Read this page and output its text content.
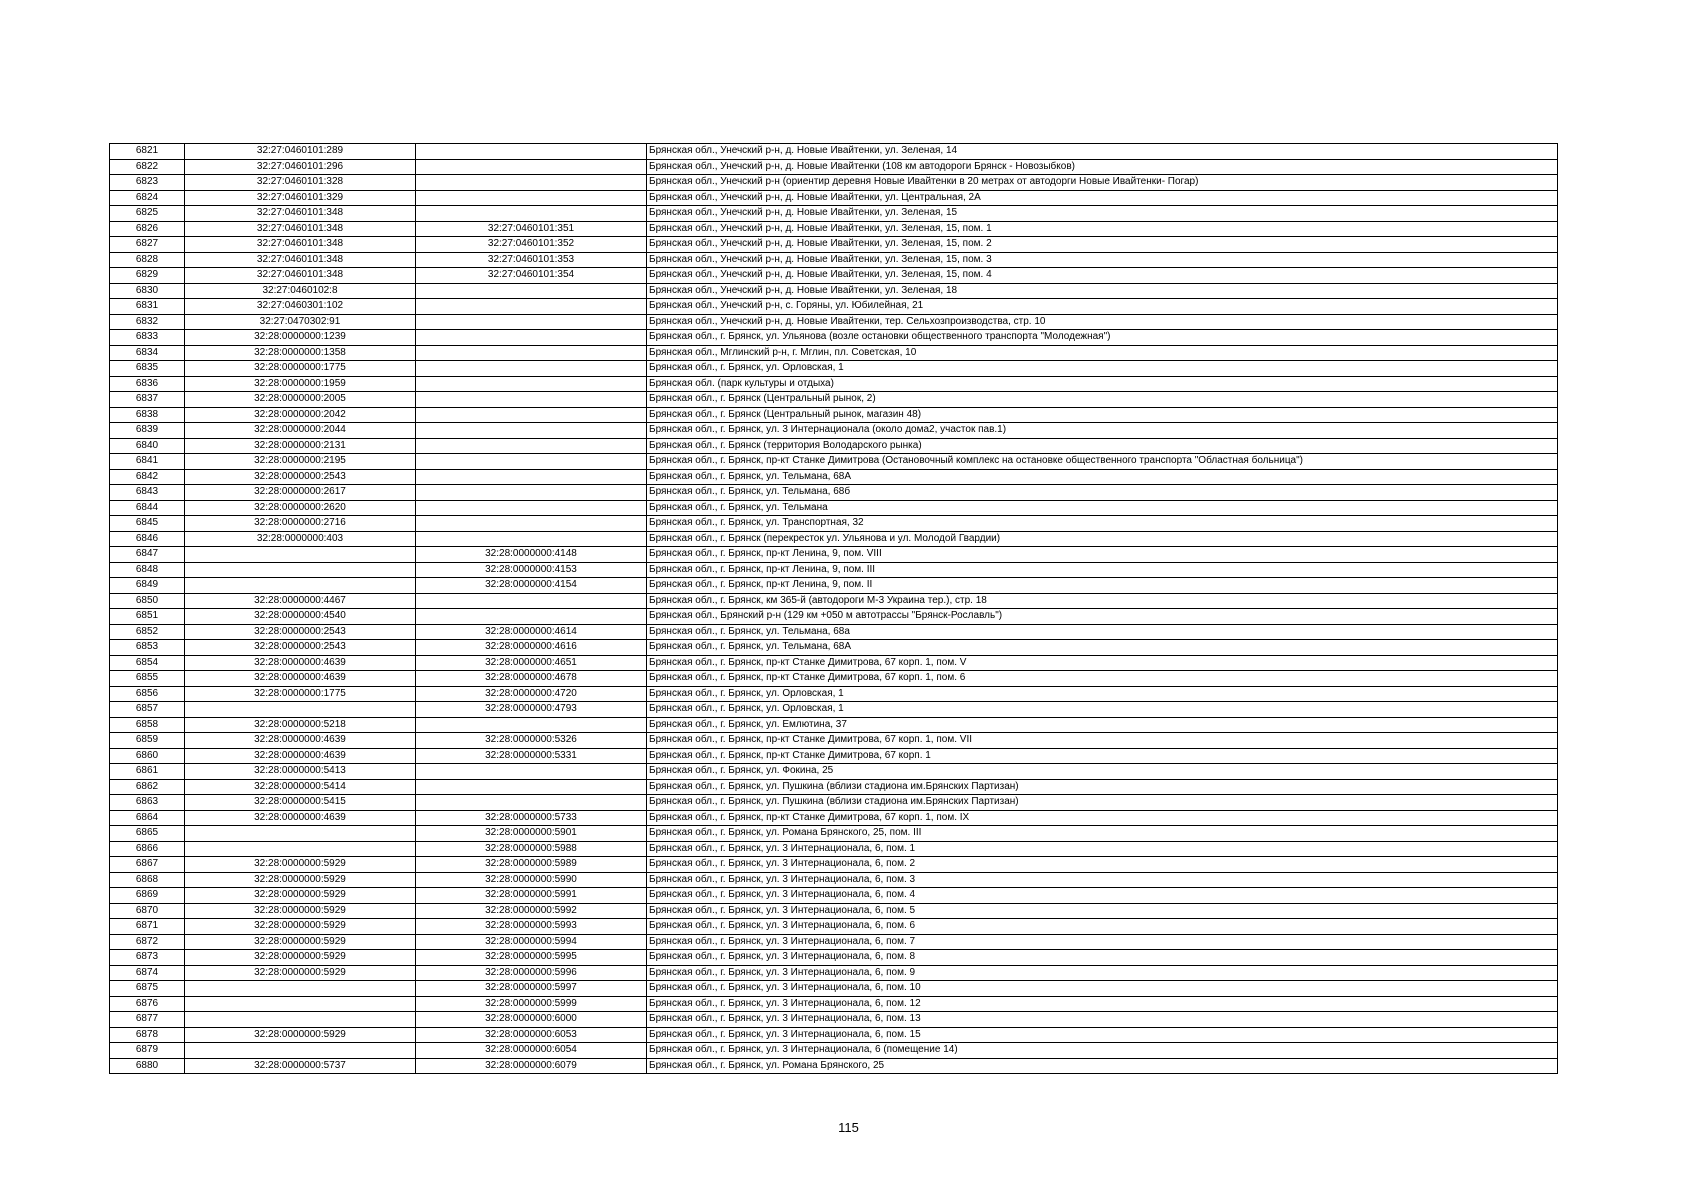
6821	32:27:0460101:289		Брянская обл., Унечский р-н, д. Новые Ивайтенки, ул. Зеленая, 14
6822	32:27:0460101:296		Брянская обл., Унечский р-н, д. Новые Ивайтенки (108 км автодороги Брянск - Новозыбков)
6823	32:27:0460101:328		Брянская обл., Унечский р-н (ориентир деревня Новые Ивайтенки в 20 метрах от автодорги Новые Ивайтенки- Погар)
6824	32:27:0460101:329		Брянская обл., Унечский р-н, д. Новые Ивайтенки, ул. Центральная, 2А
6825	32:27:0460101:348		Брянская обл., Унечский р-н, д. Новые Ивайтенки, ул. Зеленая, 15
6826	32:27:0460101:348	32:27:0460101:351	Брянская обл., Унечский р-н, д. Новые Ивайтенки, ул. Зеленая, 15, пом. 1
6827	32:27:0460101:348	32:27:0460101:352	Брянская обл., Унечский р-н, д. Новые Ивайтенки, ул. Зеленая, 15, пом. 2
6828	32:27:0460101:348	32:27:0460101:353	Брянская обл., Унечский р-н, д. Новые Ивайтенки, ул. Зеленая, 15, пом. 3
6829	32:27:0460101:348	32:27:0460101:354	Брянская обл., Унечский р-н, д. Новые Ивайтенки, ул. Зеленая, 15, пом. 4
6830	32:27:0460102:8		Брянская обл., Унечский р-н, д. Новые Ивайтенки, ул. Зеленая, 18
6831	32:27:0460301:102		Брянская обл., Унечский р-н, с. Горяны, ул. Юбилейная, 21
6832	32:27:0470302:91		Брянская обл., Унечский р-н, д. Новые Ивайтенки, тер. Сельхозпроизводства, стр. 10
6833	32:28:0000000:1239		Брянская обл., г. Брянск, ул. Ульянова (возле остановки общественного транспорта "Молодежная")
6834	32:28:0000000:1358		Брянская обл., Мглинский р-н, г. Мглин, пл. Советская, 10
6835	32:28:0000000:1775		Брянская обл., г. Брянск, ул. Орловская, 1
6836	32:28:0000000:1959		Брянская обл. (парк культуры и отдыха)
6837	32:28:0000000:2005		Брянская обл., г. Брянск (Центральный рынок, 2)
6838	32:28:0000000:2042		Брянская обл., г. Брянск (Центральный рынок, магазин 48)
6839	32:28:0000000:2044		Брянская обл., г. Брянск, ул. 3 Интернационала (около дома2, участок пав.1)
6840	32:28:0000000:2131		Брянская обл., г. Брянск (территория Володарского рынка)
6841	32:28:0000000:2195		Брянская обл., г. Брянск, пр-кт Станке Димитрова (Остановочный комплекс на остановке общественного транспорта "Областная больница")
6842	32:28:0000000:2543		Брянская обл., г. Брянск, ул. Тельмана, 68А
6843	32:28:0000000:2617		Брянская обл., г. Брянск, ул. Тельмана, 68б
6844	32:28:0000000:2620		Брянская обл., г. Брянск, ул. Тельмана
6845	32:28:0000000:2716		Брянская обл., г. Брянск, ул. Транспортная, 32
6846	32:28:0000000:403		Брянская обл., г. Брянск (перекресток ул. Ульянова и ул. Молодой Гвардии)
6847		32:28:0000000:4148	Брянская обл., г. Брянск, пр-кт Ленина, 9, пом. VIII
6848		32:28:0000000:4153	Брянская обл., г. Брянск, пр-кт Ленина, 9, пом. III
6849		32:28:0000000:4154	Брянская обл., г. Брянск, пр-кт Ленина, 9, пом. II
6850	32:28:0000000:4467		Брянская обл., г. Брянск, км 365-й (автодороги М-3 Украина тер.), стр. 18
6851	32:28:0000000:4540		Брянская обл., Брянский р-н (129 км +050 м автотрассы "Брянск-Рославль")
6852	32:28:0000000:2543	32:28:0000000:4614	Брянская обл., г. Брянск, ул. Тельмана, 68а
6853	32:28:0000000:2543	32:28:0000000:4616	Брянская обл., г. Брянск, ул. Тельмана, 68А
6854	32:28:0000000:4639	32:28:0000000:4651	Брянская обл., г. Брянск, пр-кт Станке Димитрова, 67 корп. 1, пом. V
6855	32:28:0000000:4639	32:28:0000000:4678	Брянская обл., г. Брянск, пр-кт Станке Димитрова, 67 корп. 1, пом. 6
6856	32:28:0000000:1775	32:28:0000000:4720	Брянская обл., г. Брянск, ул. Орловская, 1
6857		32:28:0000000:4793	Брянская обл., г. Брянск, ул. Орловская, 1
6858	32:28:0000000:5218		Брянская обл., г. Брянск, ул. Емлютина, 37
6859	32:28:0000000:4639	32:28:0000000:5326	Брянская обл., г. Брянск, пр-кт Станке Димитрова, 67 корп. 1, пом. VII
6860	32:28:0000000:4639	32:28:0000000:5331	Брянская обл., г. Брянск, пр-кт Станке Димитрова, 67 корп. 1
6861	32:28:0000000:5413		Брянская обл., г. Брянск, ул. Фокина, 25
6862	32:28:0000000:5414		Брянская обл., г. Брянск, ул. Пушкина (вблизи стадиона им.Брянских Партизан)
6863	32:28:0000000:5415		Брянская обл., г. Брянск, ул. Пушкина (вблизи стадиона им.Брянских Партизан)
6864	32:28:0000000:4639	32:28:0000000:5733	Брянская обл., г. Брянск, пр-кт Станке Димитрова, 67 корп. 1, пом. IX
6865		32:28:0000000:5901	Брянская обл., г. Брянск, ул. Романа Брянского, 25, пом. III
6866		32:28:0000000:5988	Брянская обл., г. Брянск, ул. 3 Интернационала, 6, пом. 1
6867	32:28:0000000:5929	32:28:0000000:5989	Брянская обл., г. Брянск, ул. 3 Интернационала, 6, пом. 2
6868	32:28:0000000:5929	32:28:0000000:5990	Брянская обл., г. Брянск, ул. 3 Интернационала, 6, пом. 3
6869	32:28:0000000:5929	32:28:0000000:5991	Брянская обл., г. Брянск, ул. 3 Интернационала, 6, пом. 4
6870	32:28:0000000:5929	32:28:0000000:5992	Брянская обл., г. Брянск, ул. 3 Интернационала, 6, пом. 5
6871	32:28:0000000:5929	32:28:0000000:5993	Брянская обл., г. Брянск, ул. 3 Интернационала, 6, пом. 6
6872	32:28:0000000:5929	32:28:0000000:5994	Брянская обл., г. Брянск, ул. 3 Интернационала, 6, пом. 7
6873	32:28:0000000:5929	32:28:0000000:5995	Брянская обл., г. Брянск, ул. 3 Интернационала, 6, пом. 8
6874	32:28:0000000:5929	32:28:0000000:5996	Брянская обл., г. Брянск, ул. 3 Интернационала, 6, пом. 9
6875		32:28:0000000:5997	Брянская обл., г. Брянск, ул. 3 Интернационала, 6, пом. 10
6876		32:28:0000000:5999	Брянская обл., г. Брянск, ул. 3 Интернационала, 6, пом. 12
6877		32:28:0000000:6000	Брянская обл., г. Брянск, ул. 3 Интернационала, 6, пом. 13
6878	32:28:0000000:5929	32:28:0000000:6053	Брянская обл., г. Брянск, ул. 3 Интернационала, 6, пом. 15
6879		32:28:0000000:6054	Брянская обл., г. Брянск, ул. 3 Интернационала, 6 (помещение 14)
6880	32:28:0000000:5737	32:28:0000000:6079	Брянская обл., г. Брянск, ул. Романа Брянского, 25
115
